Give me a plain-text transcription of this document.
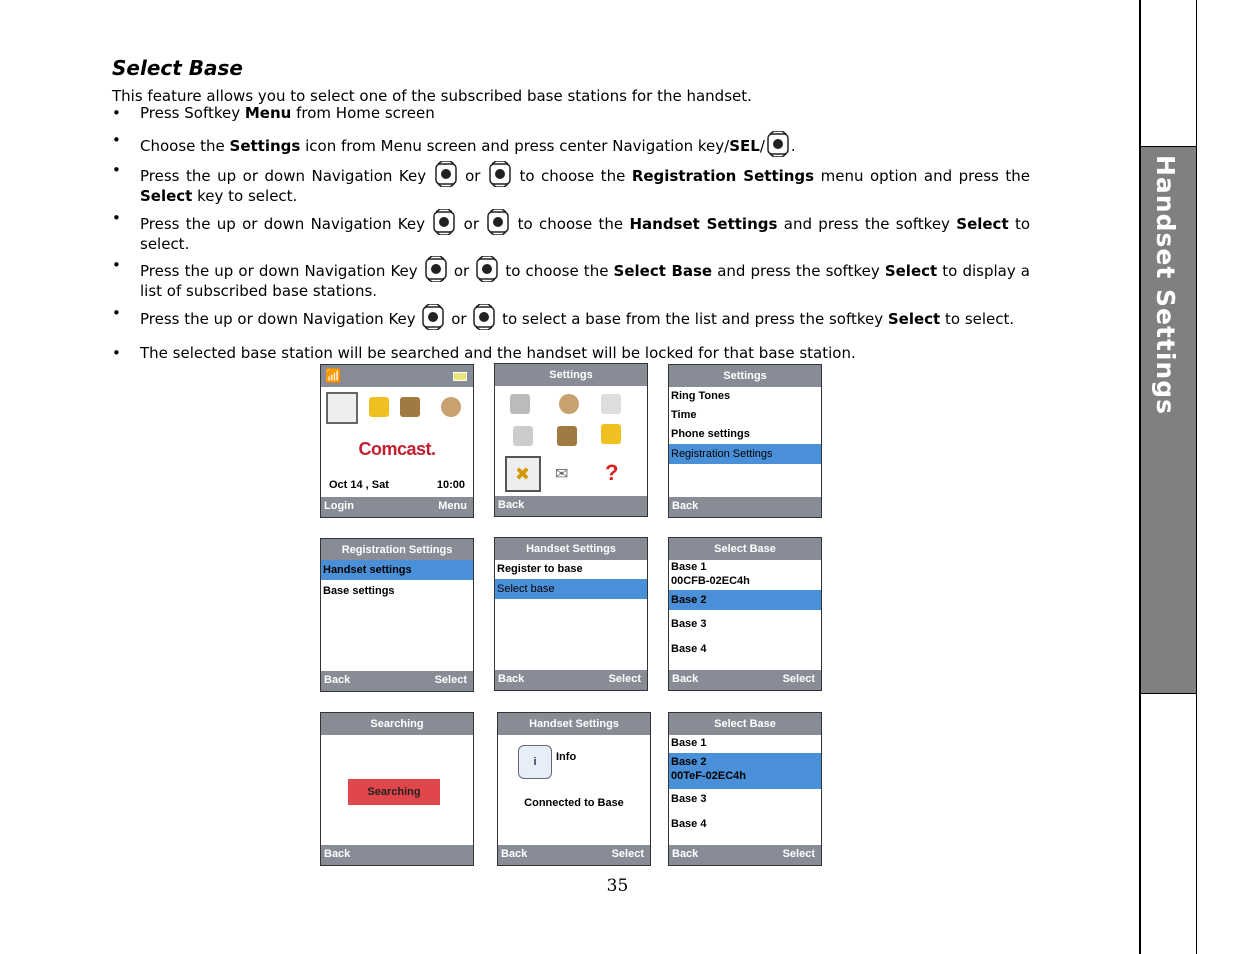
Select Base
This feature allows you to select one of the subscribed base stations for the handset.
•	Press Softkey Menu from Home screen
•	Choose the Settings icon from Menu screen and press center Navigation key/SEL/ .
•	Press the up or down Navigation Key  or  to choose the Registration Settings menu option and press the Select key to select.
•	Press the up or down Navigation Key  or  to choose the Handset Settings and press the softkey Select to select.
•	Press the up or down Navigation Key  or  to choose the Select Base and press the softkey Select to display a list of subscribed base stations.
•	Press the up or down Navigation Key  or  to select a base from the list and press the softkey Select to select.
•	The selected base station will be searched and the handset will be locked for that base station.
📶
Comcast.
Oct 14 , Sat	10:00
Login	Menu
Settings
✖ ✉ ?
Back
Settings
Ring Tones
Time
Phone settings
Registration Settings
Back
Registration Settings
Handset settings
Base settings
Back	Select
Handset Settings
Register to base
Select base
Back	Select
Select Base
Base 1
00CFB-02EC4h
Base 2
Base 3
Base 4
Back	Select
Searching
Searching
Back
Handset Settings
i	Info
Connected to Base
Back	Select
Select Base
Base 1
Base 2
00TeF-02EC4h
Base 3
Base 4
Back	Select
35
Handset Settings
